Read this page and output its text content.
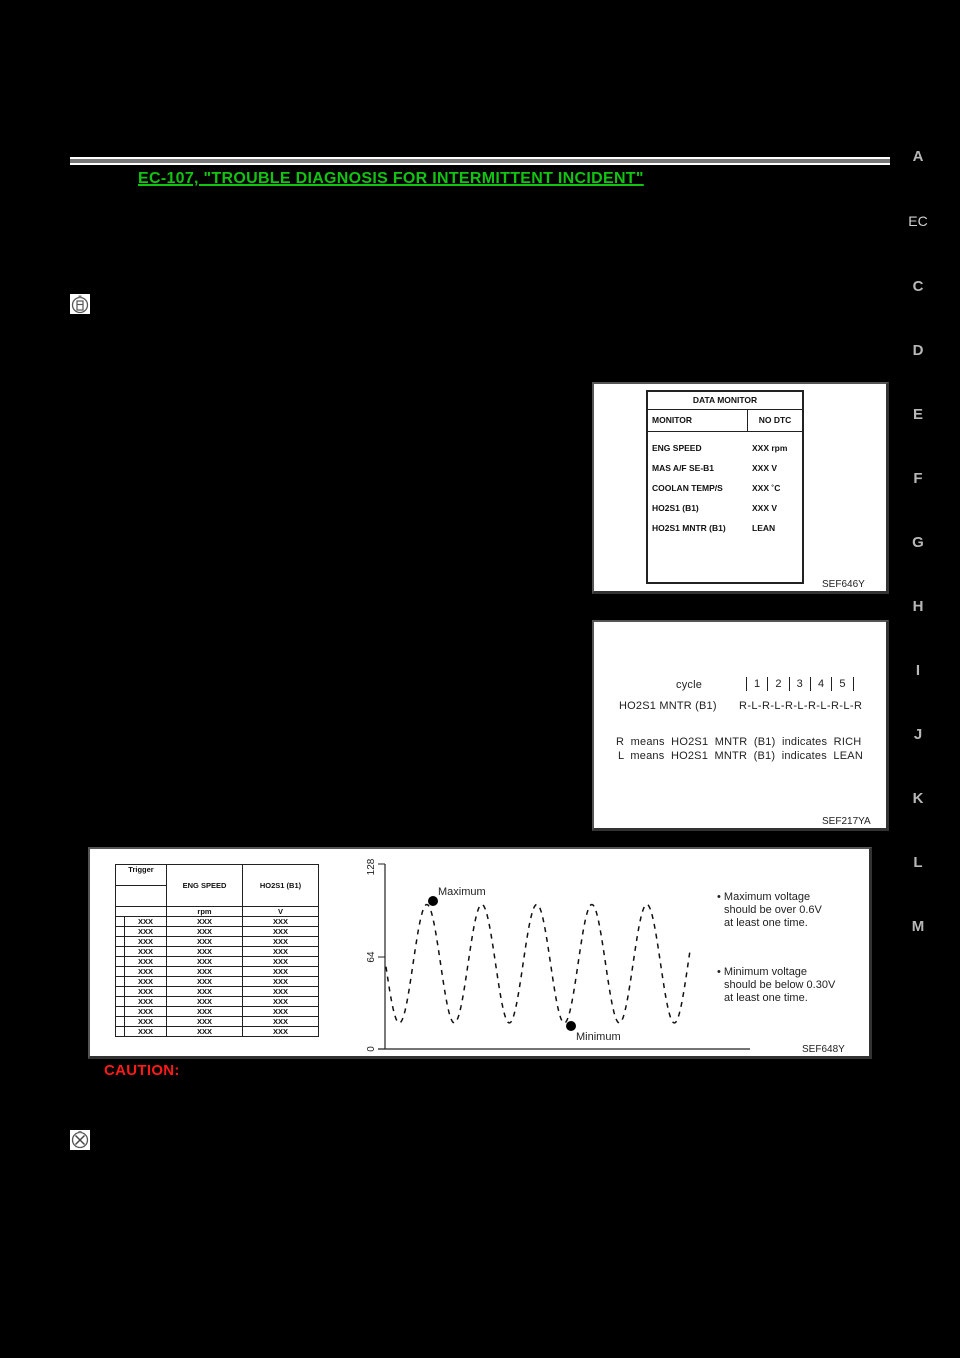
EC-107, "TROUBLE DIAGNOSIS FOR INTERMITTENT INCIDENT"
A
EC
C
D
E
F
G
H
I
J
K
L
M
DATA MONITOR
MONITOR	NO DTC
ENG SPEED	XXX rpm
MAS A/F SE-B1	XXX V
COOLAN TEMP/S	XXX ˚C
HO2S1 (B1)	XXX V
HO2S1 MNTR (B1)	LEAN
SEF646Y
cycle	1 2 3 4 5
HO2S1 MNTR (B1) R-L-R-L-R-L-R-L-R-L-R
R  means  HO2S1  MNTR  (B1)  indicates  RICH
L  means  HO2S1  MNTR  (B1)  indicates  LEAN
SEF217YA
Trigger		ENG SPEED	HO2S1 (B1)

		rpm	V
	XXX	XXX	XXX
	XXX	XXX	XXX
	XXX	XXX	XXX
	XXX	XXX	XXX
	XXX	XXX	XXX
	XXX	XXX	XXX
	XXX	XXX	XXX
	XXX	XXX	XXX
	XXX	XXX	XXX
	XXX	XXX	XXX
	XXX	XXX	XXX
	XXX	XXX	XXX
0
64
128
Maximum
Minimum
• Maximum voltage
should be over 0.6V
at least one time.
• Minimum voltage
should be below 0.30V
at least one time.
SEF648Y
CAUTION:
